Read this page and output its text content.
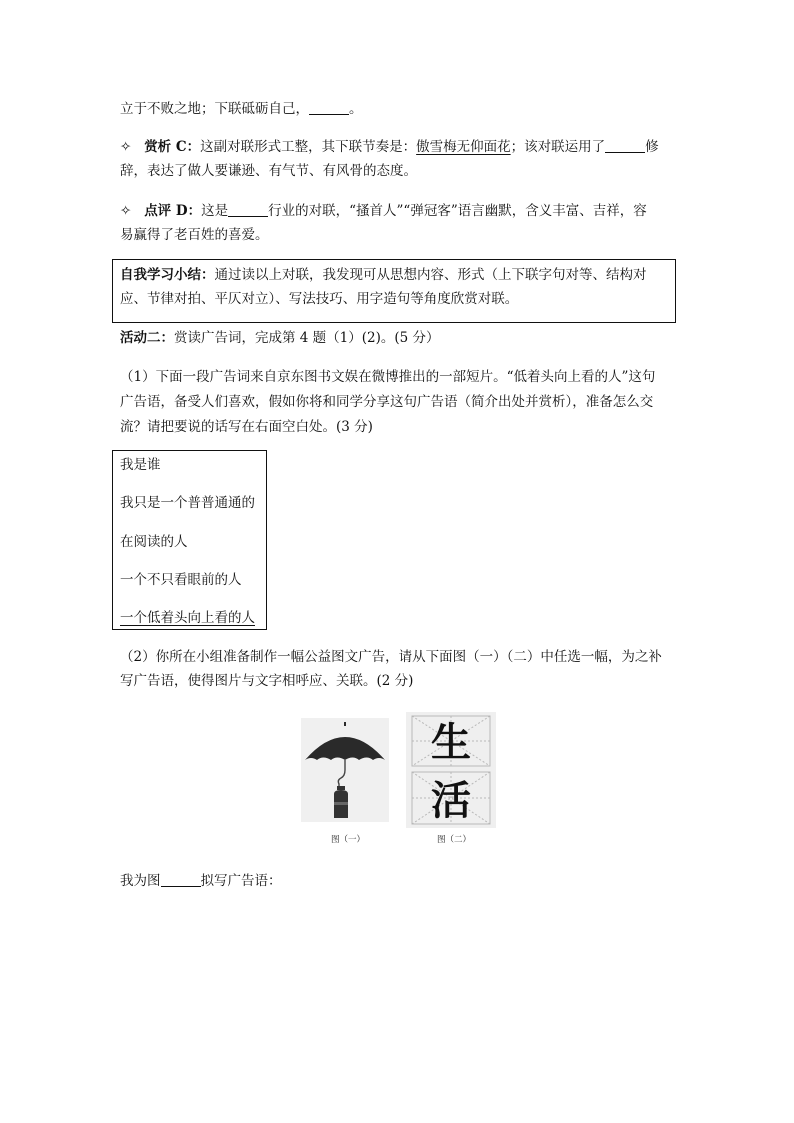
立于不败之地；下联砥砺自己，	。
✧ 赏析 C：这副对联形式工整，其下联节奏是：傲雪梅无仰面花；该对联运用了	修
辞，表达了做人要谦逊、有气节、有风骨的态度。
✧ 点评 D：这是	行业的对联，“搔首人”“弹冠客”语言幽默，含义丰富、吉祥，容
易赢得了老百姓的喜爱。
自我学习小结：通过读以上对联，我发现可从思想内容、形式（上下联字句对等、结构对
应、节律对拍、平仄对立）、写法技巧、用字造句等角度欣赏对联。
活动二：赏读广告词，完成第 4 题（1）(2)。(5 分）
（1）下面一段广告词来自京东图书文娱在微博推出的一部短片。“低着头向上看的人”这句
广告语，备受人们喜欢，假如你将和同学分享这句广告语（简介出处并赏析），准备怎么交
流？请把要说的话写在右面空白处。(3 分)
我是谁
我只是一个普普通通的
在阅读的人
一个不只看眼前的人
一个低着头向上看的人
（2）你所在小组准备制作一幅公益图文广告，请从下面图（一）（二）中任选一幅，为之补
写广告语，使得图片与文字相呼应、关联。(2 分)
图（一）
生
活
图（二）
我为图	拟写广告语：
